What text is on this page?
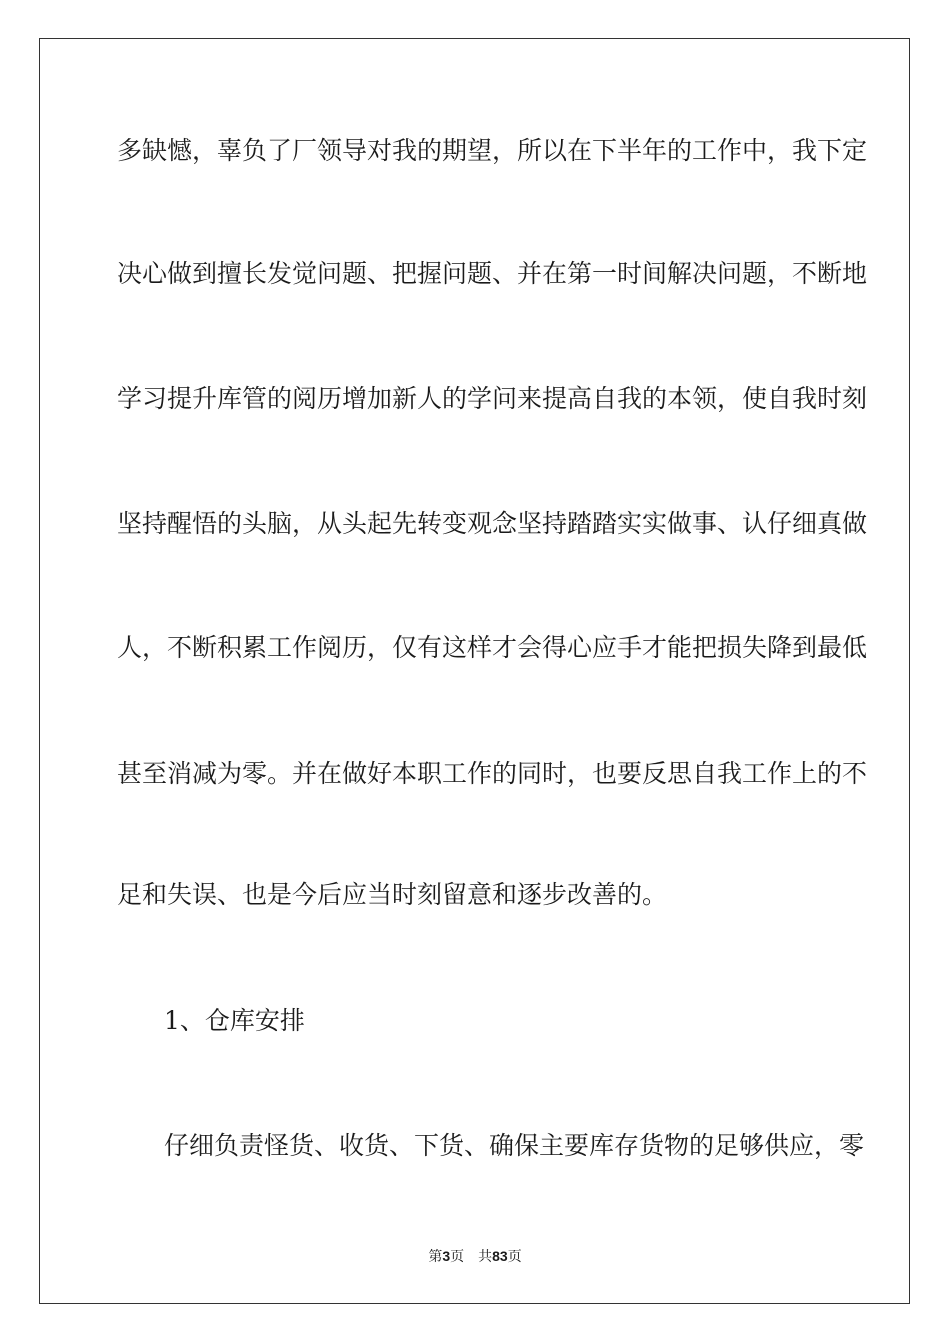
多缺憾，辜负了厂领导对我的期望，所以在下半年的工作中，我下定
决心做到擅长发觉问题、把握问题、并在第一时间解决问题，不断地
学习提升库管的阅历增加新人的学问来提高自我的本领，使自我时刻
坚持醒悟的头脑，从头起先转变观念坚持踏踏实实做事、认仔细真做
人，不断积累工作阅历，仅有这样才会得心应手才能把损失降到最低
甚至消减为零。并在做好本职工作的同时，也要反思自我工作上的不
足和失误、也是今后应当时刻留意和逐步改善的。
1、仓库安排
仔细负责怪货、收货、下货、确保主要库存货物的足够供应，零
第3页 共83页
